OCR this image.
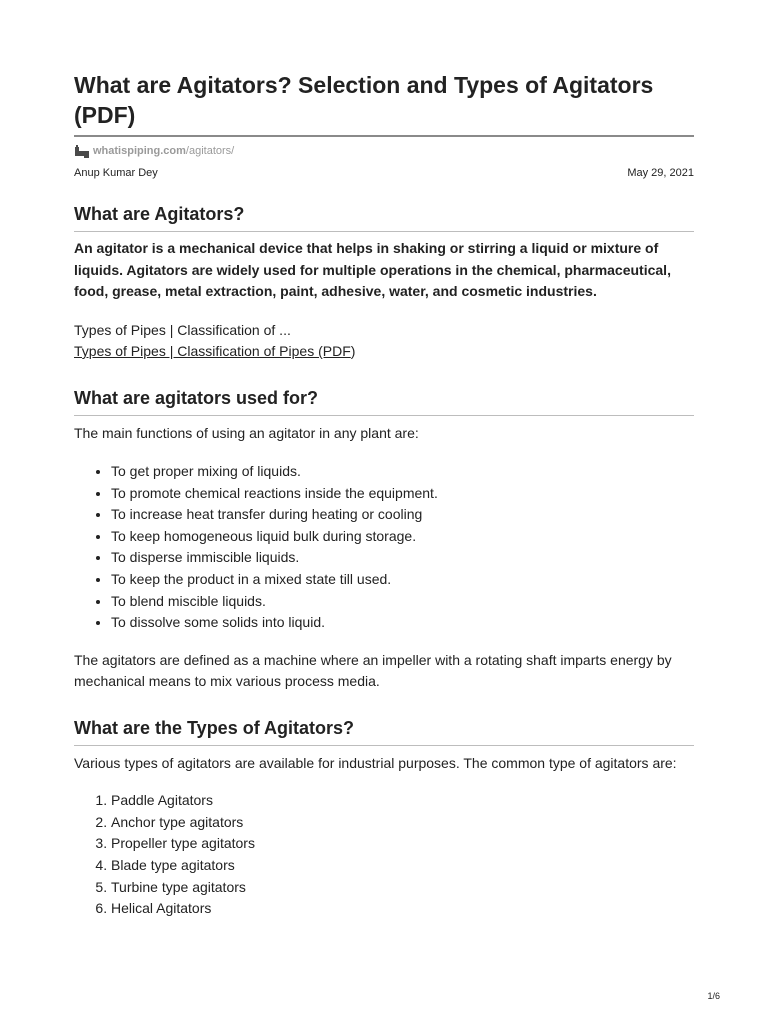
What are Agitators? Selection and Types of Agitators (PDF)
whatispiping.com /agitators/
Anup Kumar Dey	May 29, 2021
What are Agitators?

An agitator is a mechanical device that helps in shaking or stirring a liquid or mixture of liquids. Agitators are widely used for multiple operations in the chemical, pharmaceutical, food, grease, metal extraction, paint, adhesive, water, and cosmetic industries.

Types of Pipes | Classification of ...

Types of Pipes | Classification of Pipes (PDF)

What are agitators used for?

The main functions of using an agitator in any plant are:

• To get proper mixing of liquids.
• To promote chemical reactions inside the equipment.
• To increase heat transfer during heating or cooling
• To keep homogeneous liquid bulk during storage.
• To disperse immiscible liquids.
• To keep the product in a mixed state till used.
• To blend miscible liquids.
• To dissolve some solids into liquid.

The agitators are defined as a machine where an impeller with a rotating shaft imparts energy by mechanical means to mix various process media.

What are the Types of Agitators?

Various types of agitators are available for industrial purposes. The common type of agitators are:

1. Paddle Agitators
2. Anchor type agitators
3. Propeller type agitators
4. Blade type agitators
5. Turbine type agitators
6. Helical Agitators
1/6
